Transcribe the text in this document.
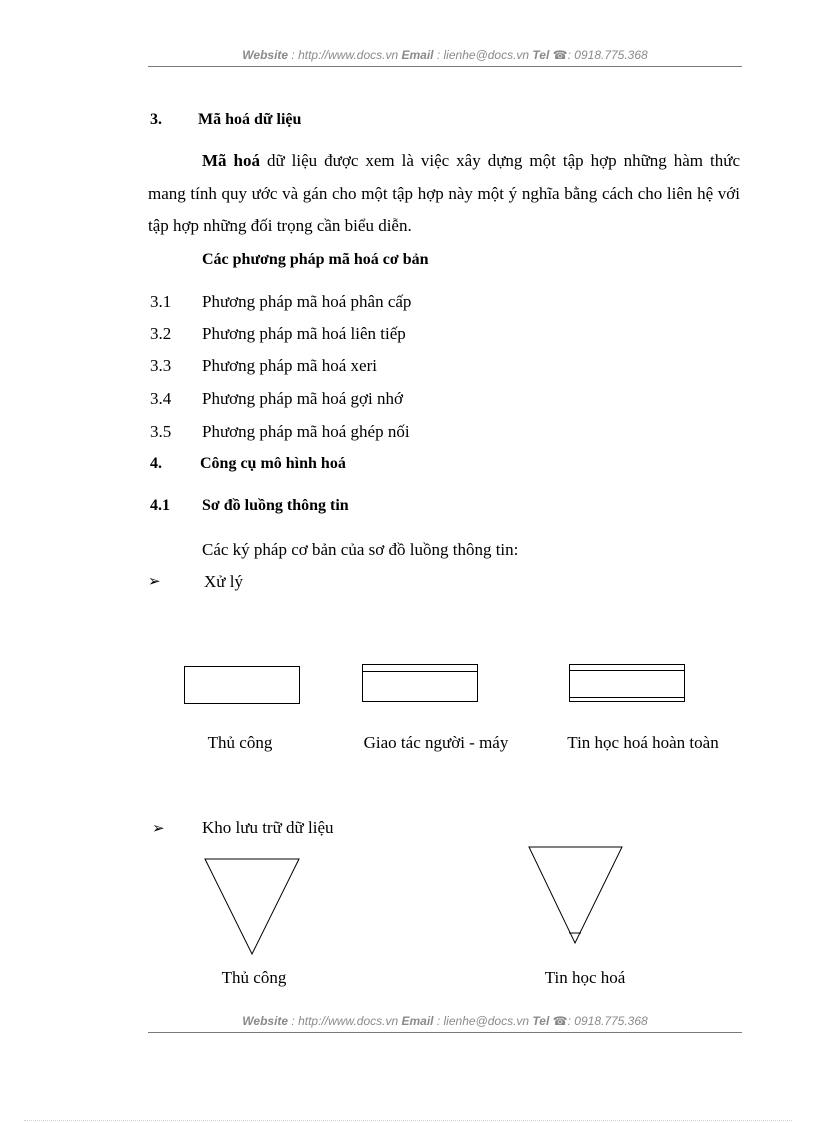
Website : http://www.docs.vn Email : lienhe@docs.vn Tel ☎: 0918.775.368
3. Mã hoá dữ liệu
Mã hoá dữ liệu được xem là việc xây dựng một tập hợp những hàm thức mang tính quy ước và gán cho một tập hợp này một ý nghĩa bằng cách cho liên hệ với tập hợp những đối trọng cần biểu diễn.
Các phương pháp mã hoá cơ bản
3.1 Phương pháp mã hoá phân cấp
3.2 Phương pháp mã hoá liên tiếp
3.3 Phương pháp mã hoá xeri
3.4 Phương pháp mã hoá gợi nhớ
3.5 Phương pháp mã hoá ghép nối
4. Công cụ mô hình hoá
4.1 Sơ đồ luồng thông tin
Các ký pháp cơ bản của sơ đồ luồng thông tin:
➢	Xử lý
Thủ công	Giao tác người - máy	Tin học hoá hoàn toàn
➢ Kho lưu trữ dữ liệu
Thủ công	Tin học hoá
Website : http://www.docs.vn Email : lienhe@docs.vn Tel ☎: 0918.775.368
